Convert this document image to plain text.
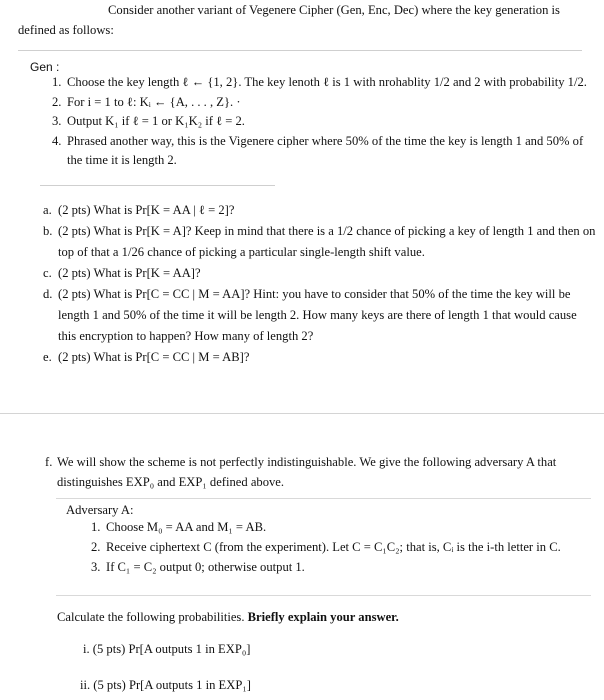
Consider another variant of Vegenere Cipher (Gen, Enc, Dec) where the key generation is
defined as follows:
Gen :
1. Choose the key length ℓ ← {1, 2}. The key lenoth ℓ is 1 with nrohablity 1/2 and 2 with probability 1/2.
2. For i = 1 to ℓ: Kᵢ ← {A, . . . , Z}. ·
3. Output K₁ if ℓ = 1 or K₁K₂ if ℓ = 2.
4. Phrased another way, this is the Vigenere cipher where 50% of the time the key is length 1 and 50% of the time it is length 2.
a. (2 pts) What is Pr[K = AA | ℓ = 2]?
b. (2 pts) What is Pr[K = A]? Keep in mind that there is a 1/2 chance of picking a key of length 1 and then on top of that a 1/26 chance of picking a particular single-length shift value.
c. (2 pts) What is Pr[K = AA]?
d. (2 pts) What is Pr[C = CC | M = AA]? Hint: you have to consider that 50% of the time the key will be length 1 and 50% of the time it will be length 2. How many keys are there of length 1 that would cause this encryption to happen? How many of length 2?
e. (2 pts) What is Pr[C = CC | M = AB]?
f. We will show the scheme is not perfectly indistinguishable. We give the following adversary A that distinguishes EXP₀ and EXP₁ defined above.
Adversary A:
1. Choose M₀ = AA and M₁ = AB.
2. Receive ciphertext C (from the experiment). Let C = C₁C₂; that is, Cᵢ is the i-th letter in C.
3. If C₁ = C₂ output 0; otherwise output 1.
Calculate the following probabilities. Briefly explain your answer.
i. (5 pts) Pr[A outputs 1 in EXP₀]
ii. (5 pts) Pr[A outputs 1 in EXP₁]
